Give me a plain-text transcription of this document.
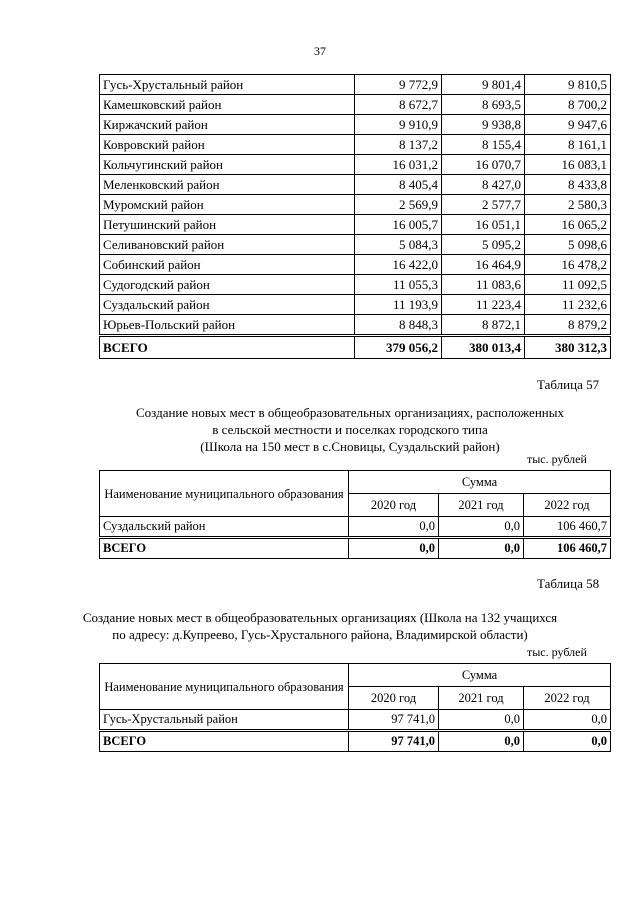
37
Гусь-Хрустальный район	9 772,9	9 801,4	9 810,5
Камешковский район	8 672,7	8 693,5	8 700,2
Киржачский район	9 910,9	9 938,8	9 947,6
Ковровский район	8 137,2	8 155,4	8 161,1
Кольчугинский район	16 031,2	16 070,7	16 083,1
Меленковский район	8 405,4	8 427,0	8 433,8
Муромский район	2 569,9	2 577,7	2 580,3
Петушинский район	16 005,7	16 051,1	16 065,2
Селивановский район	5 084,3	5 095,2	5 098,6
Собинский район	16 422,0	16 464,9	16 478,2
Судогодский район	11 055,3	11 083,6	11 092,5
Суздальский район	11 193,9	11 223,4	11 232,6
Юрьев-Польский район	8 848,3	8 872,1	8 879,2
ВСЕГО	379 056,2	380 013,4	380 312,3
Таблица 57
Создание новых мест в общеобразовательных организациях, расположенных
в сельской местности и поселках городского типа
(Школа на 150 мест в с.Сновицы, Суздальский район)
тыс. рублей
Наименование муниципального образования	Сумма		
	2020 год	2021 год	2022 год
Суздальский район	0,0	0,0	106 460,7
ВСЕГО	0,0	0,0	106 460,7
Таблица 58
Создание новых мест в общеобразовательных организациях (Школа на 132 учащихся
по адресу: д.Купреево, Гусь-Хрустального района, Владимирской области)
тыс. рублей
Наименование муниципального образования	Сумма		
	2020 год	2021 год	2022 год
Гусь-Хрустальный район	97 741,0	0,0	0,0
ВСЕГО	97 741,0	0,0	0,0
